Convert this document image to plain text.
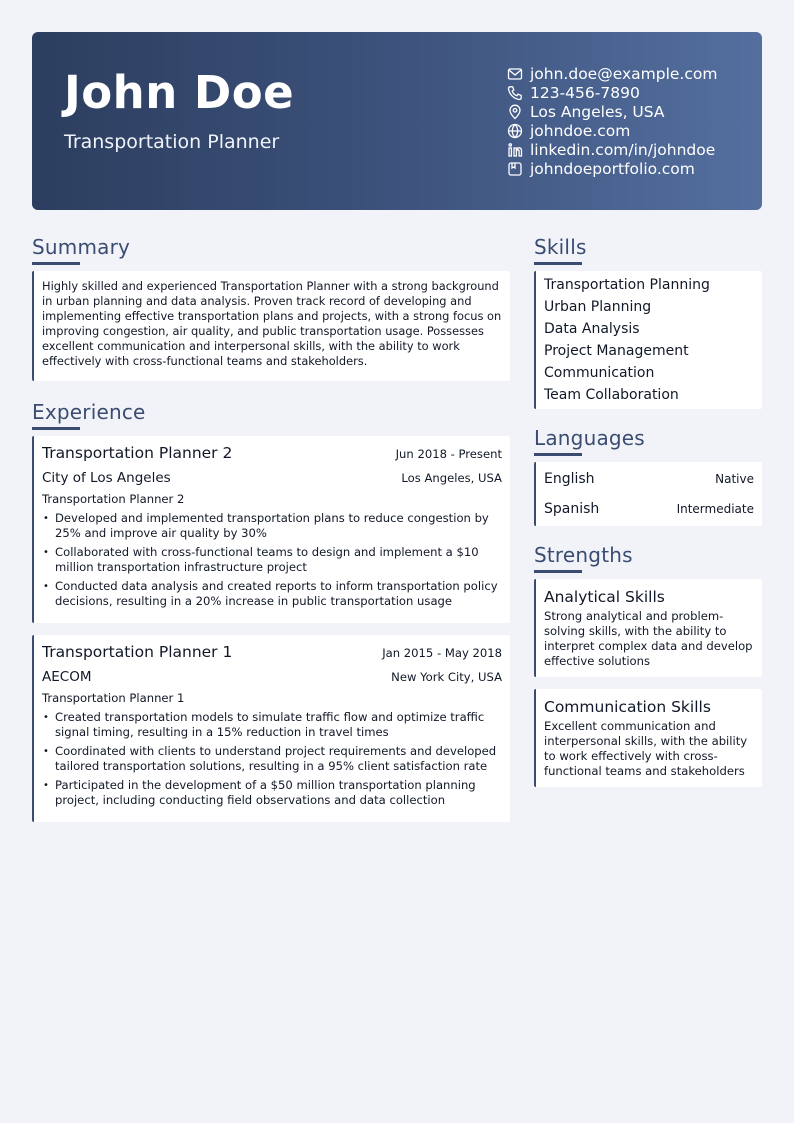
John Doe
Transportation Planner
john.doe@example.com
123-456-7890
Los Angeles, USA
johndoe.com
linkedin.com/in/johndoe
johndoeportfolio.com
Summary
Highly skilled and experienced Transportation Planner with a strong background in urban planning and data analysis. Proven track record of developing and implementing effective transportation plans and projects, with a strong focus on improving congestion, air quality, and public transportation usage. Possesses excellent communication and interpersonal skills, with the ability to work effectively with cross-functional teams and stakeholders.
Experience
Transportation Planner 2	Jun 2018 - Present
City of Los Angeles	Los Angeles, USA
Transportation Planner 2
• Developed and implemented transportation plans to reduce congestion by 25% and improve air quality by 30%
• Collaborated with cross-functional teams to design and implement a $10 million transportation infrastructure project
• Conducted data analysis and created reports to inform transportation policy decisions, resulting in a 20% increase in public transportation usage
Transportation Planner 1	Jan 2015 - May 2018
AECOM	New York City, USA
Transportation Planner 1
• Created transportation models to simulate traffic flow and optimize traffic signal timing, resulting in a 15% reduction in travel times
• Coordinated with clients to understand project requirements and developed tailored transportation solutions, resulting in a 95% client satisfaction rate
• Participated in the development of a $50 million transportation planning project, including conducting field observations and data collection
Skills
Transportation Planning
Urban Planning
Data Analysis
Project Management
Communication
Team Collaboration
Languages
English	Native
Spanish	Intermediate
Strengths
Analytical Skills
Strong analytical and problem-solving skills, with the ability to interpret complex data and develop effective solutions
Communication Skills
Excellent communication and interpersonal skills, with the ability to work effectively with cross-functional teams and stakeholders
